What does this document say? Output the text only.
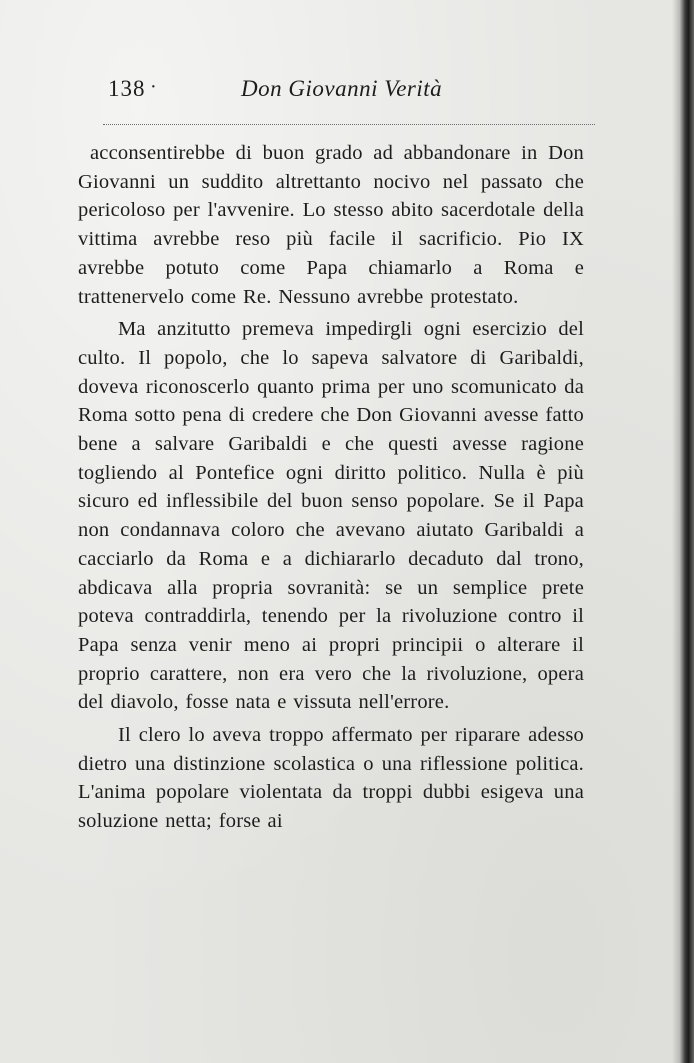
138 ·	Don Giovanni Verità

acconsentirebbe di buon grado ad abbandonare in Don Giovanni un suddito altrettanto nocivo nel passato che pericoloso per l'avvenire. Lo stesso abito sacerdotale della vittima avrebbe reso più facile il sacrificio. Pio IX avrebbe potuto come Papa chiamarlo a Roma e trattenervelo come Re. Nessuno avrebbe protestato.

Ma anzitutto premeva impedirgli ogni esercizio del culto. Il popolo, che lo sapeva salvatore di Garibaldi, doveva riconoscerlo quanto prima per uno scomunicato da Roma sotto pena di credere che Don Giovanni avesse fatto bene a salvare Garibaldi e che questi avesse ragione togliendo al Pontefice ogni diritto politico. Nulla è più sicuro ed inflessibile del buon senso popolare. Se il Papa non condannava coloro che avevano aiutato Garibaldi a cacciarlo da Roma e a dichiararlo decaduto dal trono, abdicava alla propria sovranità: se un semplice prete poteva contraddirla, tenendo per la rivoluzione contro il Papa senza venir meno ai propri principii o alterare il proprio carattere, non era vero che la rivoluzione, opera del diavolo, fosse nata e vissuta nell'errore.

Il clero lo aveva troppo affermato per riparare adesso dietro una distinzione scolastica o una riflessione politica. L'anima popolare violentata da troppi dubbi esigeva una soluzione netta; forse ai
